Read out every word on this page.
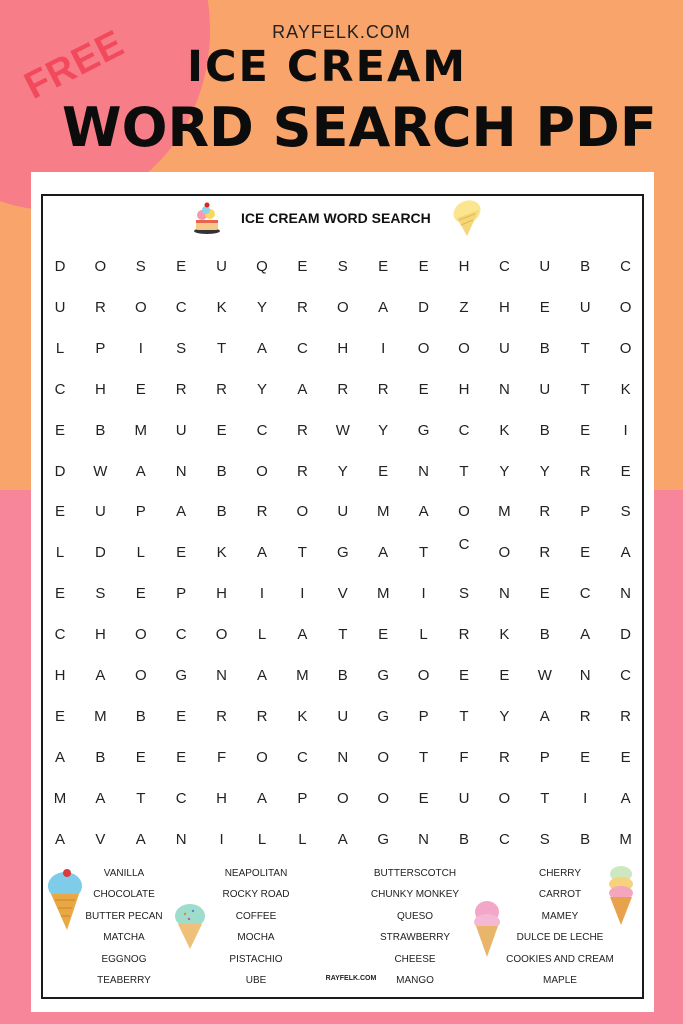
FREE	RAYFELK.COM
ICE CREAM
WORD SEARCH PDF
ICE CREAM WORD SEARCH
D	O	S	E	U	Q	E	S	E	E	H	C	U	B	C
U	R	O	C	K	Y	R	O	A	D	Z	H	E	U	O
L	P	I	S	T	A	C	H	I	O	O	U	B	T	O
C	H	E	R	R	Y	A	R	R	E	H	N	U	T	K
E	B	M	U	E	C	R	W	Y	G	C	K	B	E	I
D	W	A	N	B	O	R	Y	E	N	T	Y	Y	R	E
E	U	P	A	B	R	O	U	M	A	O	M	R	P	S
L	D	L	E	K	A	T	G	A	T	C	O	R	E	A
E	S	E	P	H	I	I	V	M	I	S	N	E	C	N
C	H	O	C	O	L	A	T	E	L	R	K	B	A	D
H	A	O	G	N	A	M	B	G	O	E	E	W	N	C
E	M	B	E	R	R	K	U	G	P	T	Y	A	R	R
A	B	E	E	F	O	C	N	O	T	F	R	P	E	E
M	A	T	C	H	A	P	O	O	E	U	O	T	I	A
A	V	A	N	I	L	L	A	G	N	B	C	S	B	M
VANILLA
CHOCOLATE
BUTTER PECAN
MATCHA
EGGNOG
TEABERRY
NEAPOLITAN
ROCKY ROAD
COFFEE
MOCHA
PISTACHIO
UBE
BUTTERSCOTCH
CHUNKY MONKEY
QUESO
STRAWBERRY
CHEESE
MANGO
CHERRY
CARROT
MAMEY
DULCE DE LECHE
COOKIES AND CREAM
MAPLE
RAYFELK.COM
